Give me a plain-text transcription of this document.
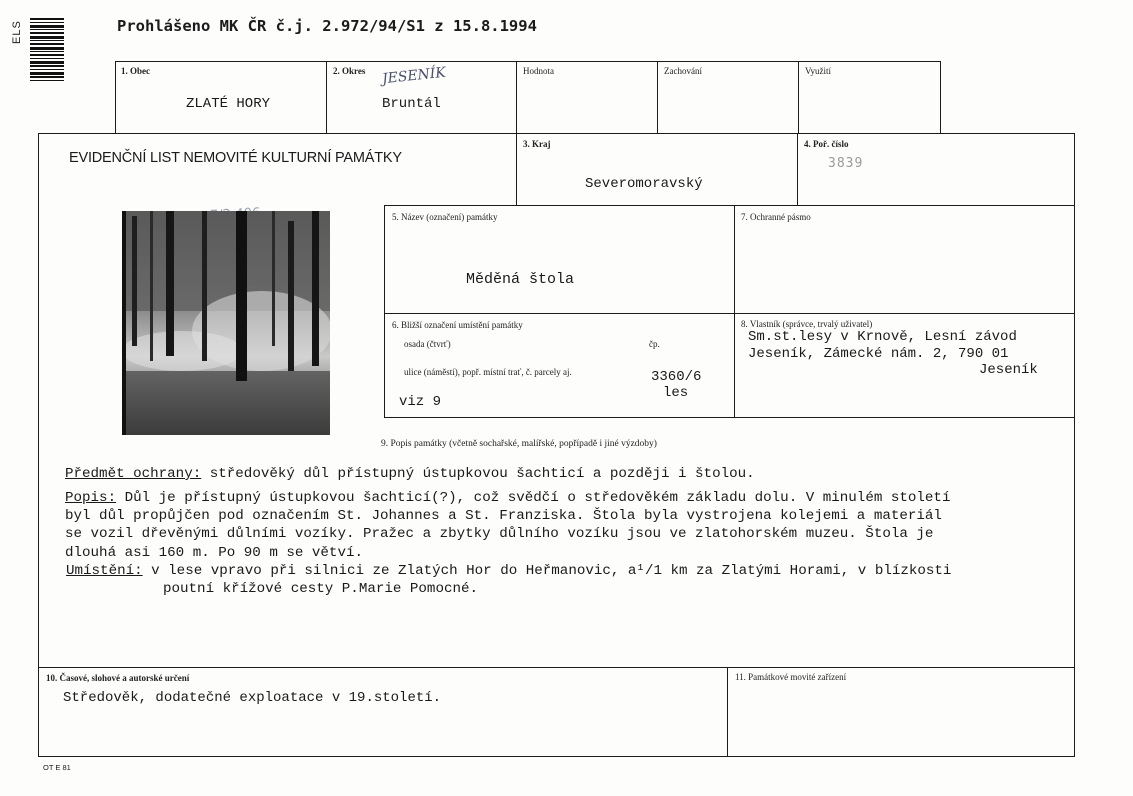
ELS	Prohlášeno MK ČR č.j. 2.972/94/S1 z 15.8.1994
1. Obec
ZLATÉ HORY
2. Okres JESENÍK
Bruntál
Hodnota	Zachování	Využití
EVIDENČNÍ LIST NEMOVITÉ KULTURNÍ PAMÁTKY
3. Kraj
Severomoravský
4. Poř. číslo
3839
5. Název (označení) památky
Měděná štola
7. Ochranné pásmo
6. Bližší označení umístění památky
osada (čtvrť)	čp.
ulice (náměstí), popř. místní trať, č. parcely aj.	3360/6
les
viz 9
8. Vlastník (správce, trvalý uživatel)
Sm.st.lesy v Krnově, Lesní závod
Jeseník, Zámecké nám. 2, 790 01
Jeseník
9. Popis památky (včetně sochařské, malířské, popřípadě i jiné výzdoby)
Předmět ochrany: středověký důl přístupný ústupkovou šachticí a později i štolou.
Popis: Důl je přístupný ústupkovou šachticí(?), což svědčí o středověkém základu dolu. V minulém století
byl důl propůjčen pod označením St. Johannes a St. Franziska. Štola byla vystrojena kolejemi a materiál
se vozil dřevěnými důlními vozíky. Pražec a zbytky důlního vozíku jsou ve zlatohorském muzeu. Štola je
dlouhá asi 160 m. Po 90 m se větví.
Umístění: v lese vpravo při silnici ze Zlatých Hor do Heřmanovic, a¹/1 km za Zlatými Horami, v blízkosti
poutní křížové cesty P.Marie Pomocné.
10. Časové, slohové a autorské určení
Středověk, dodatečné exploatace v 19.století.
11. Památkové movité zařízení
OT E 81
